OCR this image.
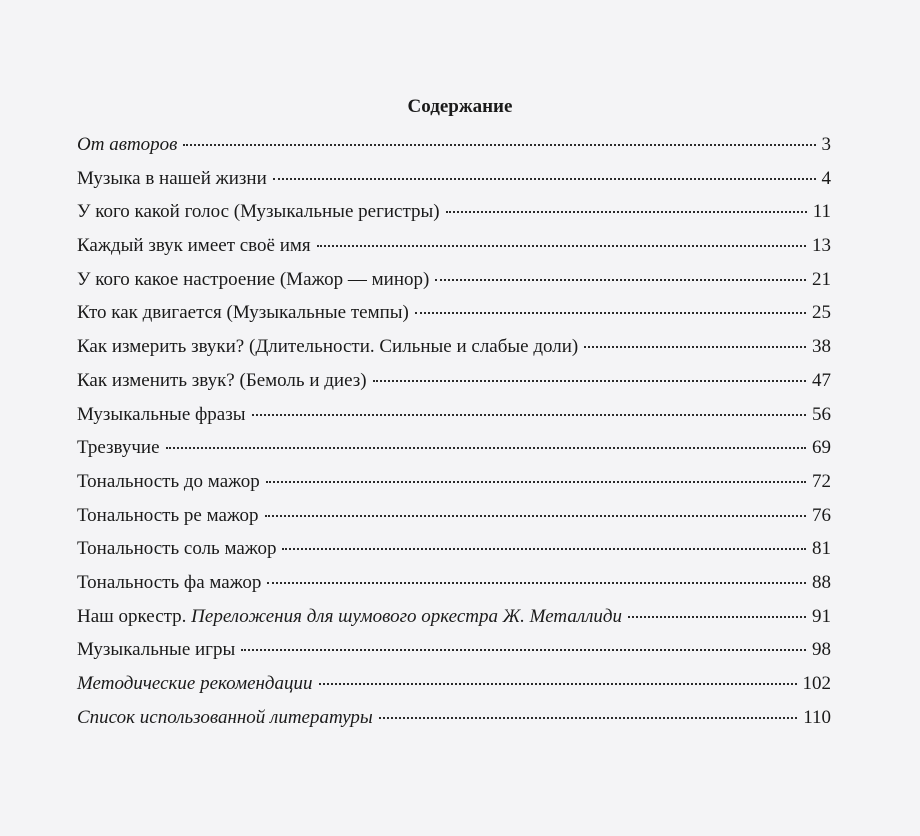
Содержание
От авторов	3
Музыка в нашей жизни	4
У кого какой голос (Музыкальные регистры)	11
Каждый звук имеет своё имя	13
У кого какое настроение (Мажор — минор)	21
Кто как двигается (Музыкальные темпы)	25
Как измерить звуки? (Длительности. Сильные и слабые доли)	38
Как изменить звук? (Бемоль и диез)	47
Музыкальные фразы	56
Трезвучие	69
Тональность до мажор	72
Тональность ре мажор	76
Тональность соль мажор	81
Тональность фа мажор	88
Наш оркестр. Переложения для шумового оркестра Ж. Металлиди	91
Музыкальные игры	98
Методические рекомендации	102
Список использованной литературы	110
